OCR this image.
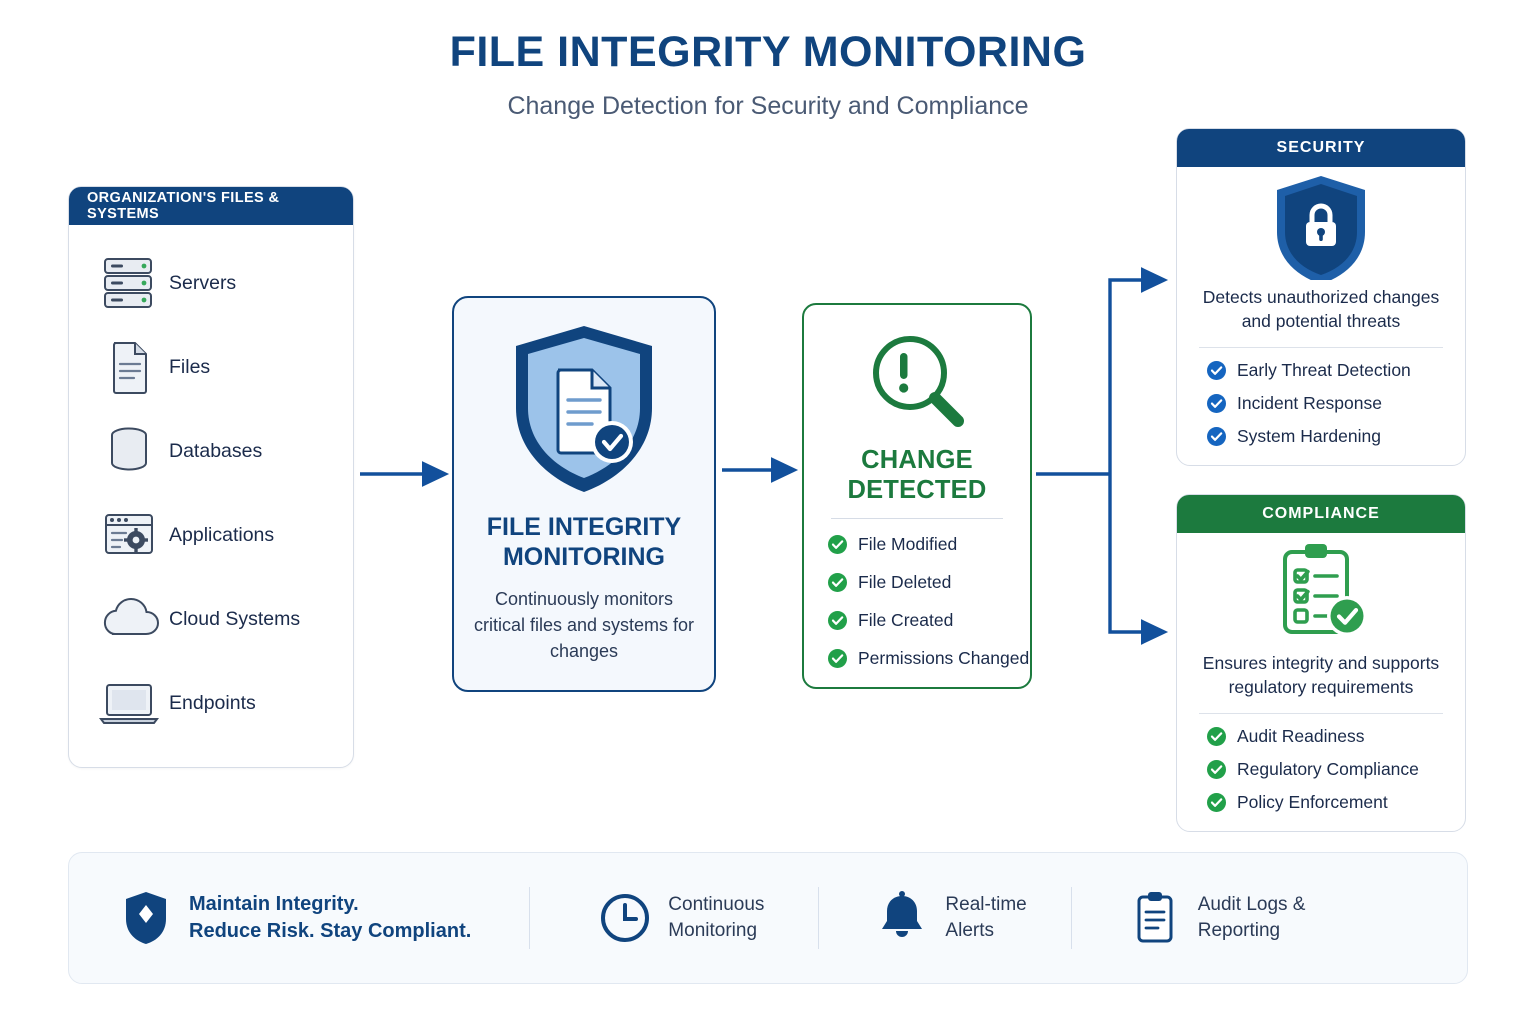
FILE INTEGRITY MONITORING
Change Detection for Security and Compliance
ORGANIZATION'S FILES & SYSTEMS
Servers
Files
Databases
Applications
Cloud Systems
Endpoints
FILE INTEGRITY
MONITORING
Continuously monitors critical files and systems for changes
CHANGE
DETECTED
File Modified
File Deleted
File Created
Permissions Changed
SECURITY
Detects unauthorized changes and potential threats
Early Threat Detection
Incident Response
System Hardening
COMPLIANCE
Ensures integrity and supports regulatory requirements
Audit Readiness
Regulatory Compliance
Policy Enforcement
Maintain Integrity.
Reduce Risk. Stay Compliant.
Continuous
Monitoring
Real-time
Alerts
Audit Logs &
Reporting
